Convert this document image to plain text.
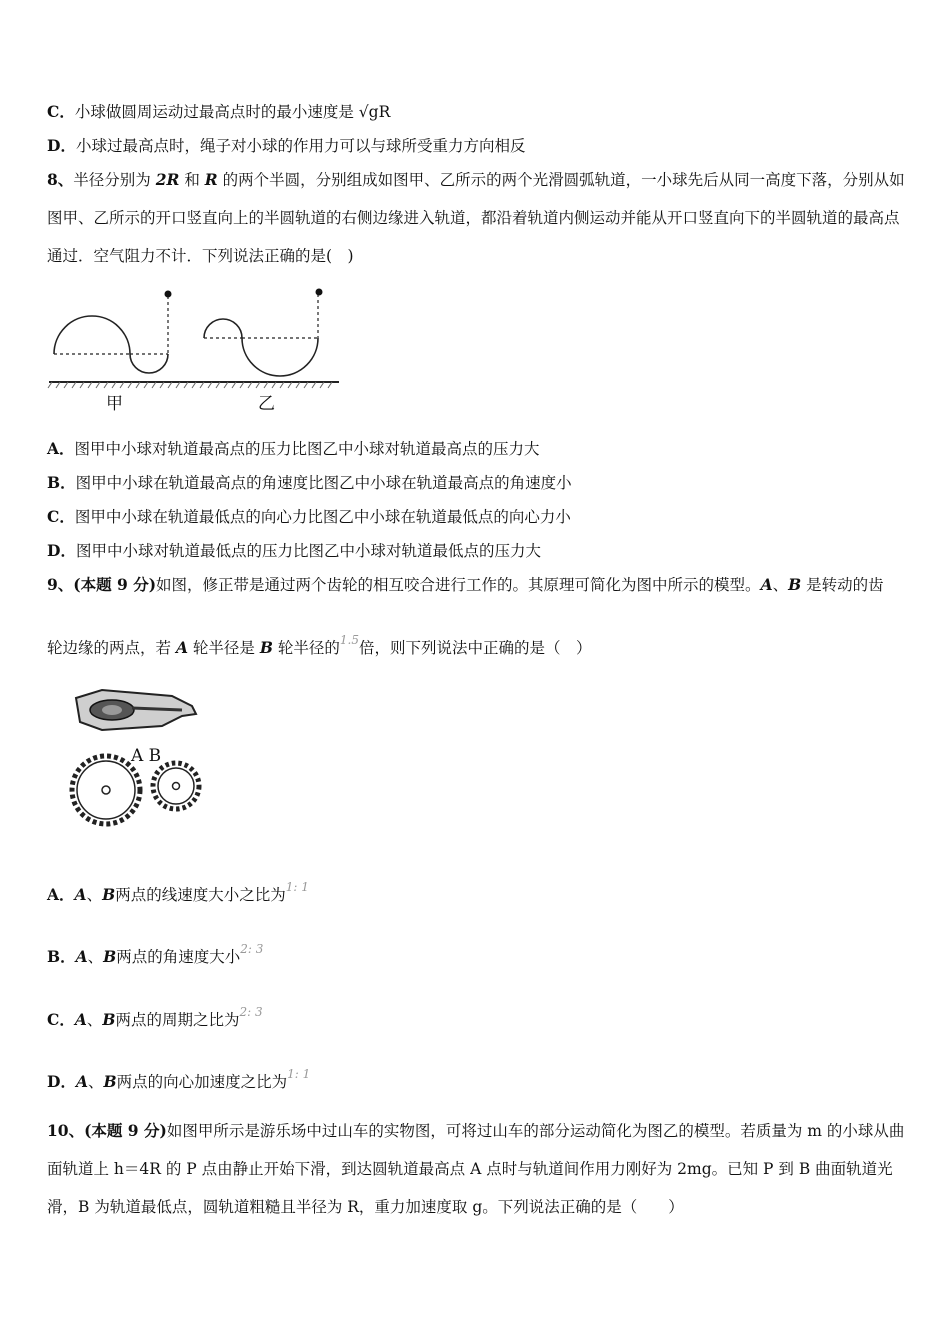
C．小球做圆周运动过最高点时的最小速度是 √gR
D．小球过最高点时，绳子对小球的作用力可以与球所受重力方向相反
8、半径分别为 2R 和 R 的两个半圆，分别组成如图甲、乙所示的两个光滑圆弧轨道，一小球先后从同一高度下落，分别从如图甲、乙所示的开口竖直向上的半圆轨道的右侧边缘进入轨道，都沿着轨道内侧运动并能从开口竖直向下的半圆轨道的最高点通过．空气阻力不计．下列说法正确的是(　)
甲	乙
A．图甲中小球对轨道最高点的压力比图乙中小球对轨道最高点的压力大
B．图甲中小球在轨道最高点的角速度比图乙中小球在轨道最高点的角速度小
C．图甲中小球在轨道最低点的向心力比图乙中小球在轨道最低点的向心力小
D．图甲中小球对轨道最低点的压力比图乙中小球对轨道最低点的压力大
9、(本题 9 分)如图，修正带是通过两个齿轮的相互咬合进行工作的。其原理可简化为图中所示的模型。A、B 是转动的齿
轮边缘的两点，若 A 轮半径是 B 轮半径的$^{1.5}$倍，则下列说法中正确的是（　）
A B
A．A、B两点的线速度大小之比为$^{1: 1}$
B．A、B两点的角速度大小$^{2: 3}$
C．A、B两点的周期之比为$^{2: 3}$
D．A、B两点的向心加速度之比为$^{1: 1}$
10、(本题 9 分)如图甲所示是游乐场中过山车的实物图，可将过山车的部分运动简化为图乙的模型。若质量为 m 的小球从曲面轨道上 h＝4R 的 P 点由静止开始下滑，到达圆轨道最高点 A 点时与轨道间作用力刚好为 2mg。已知 P 到 B 曲面轨道光滑，B 为轨道最低点，圆轨道粗糙且半径为 R，重力加速度取 g。下列说法正确的是（　　）
